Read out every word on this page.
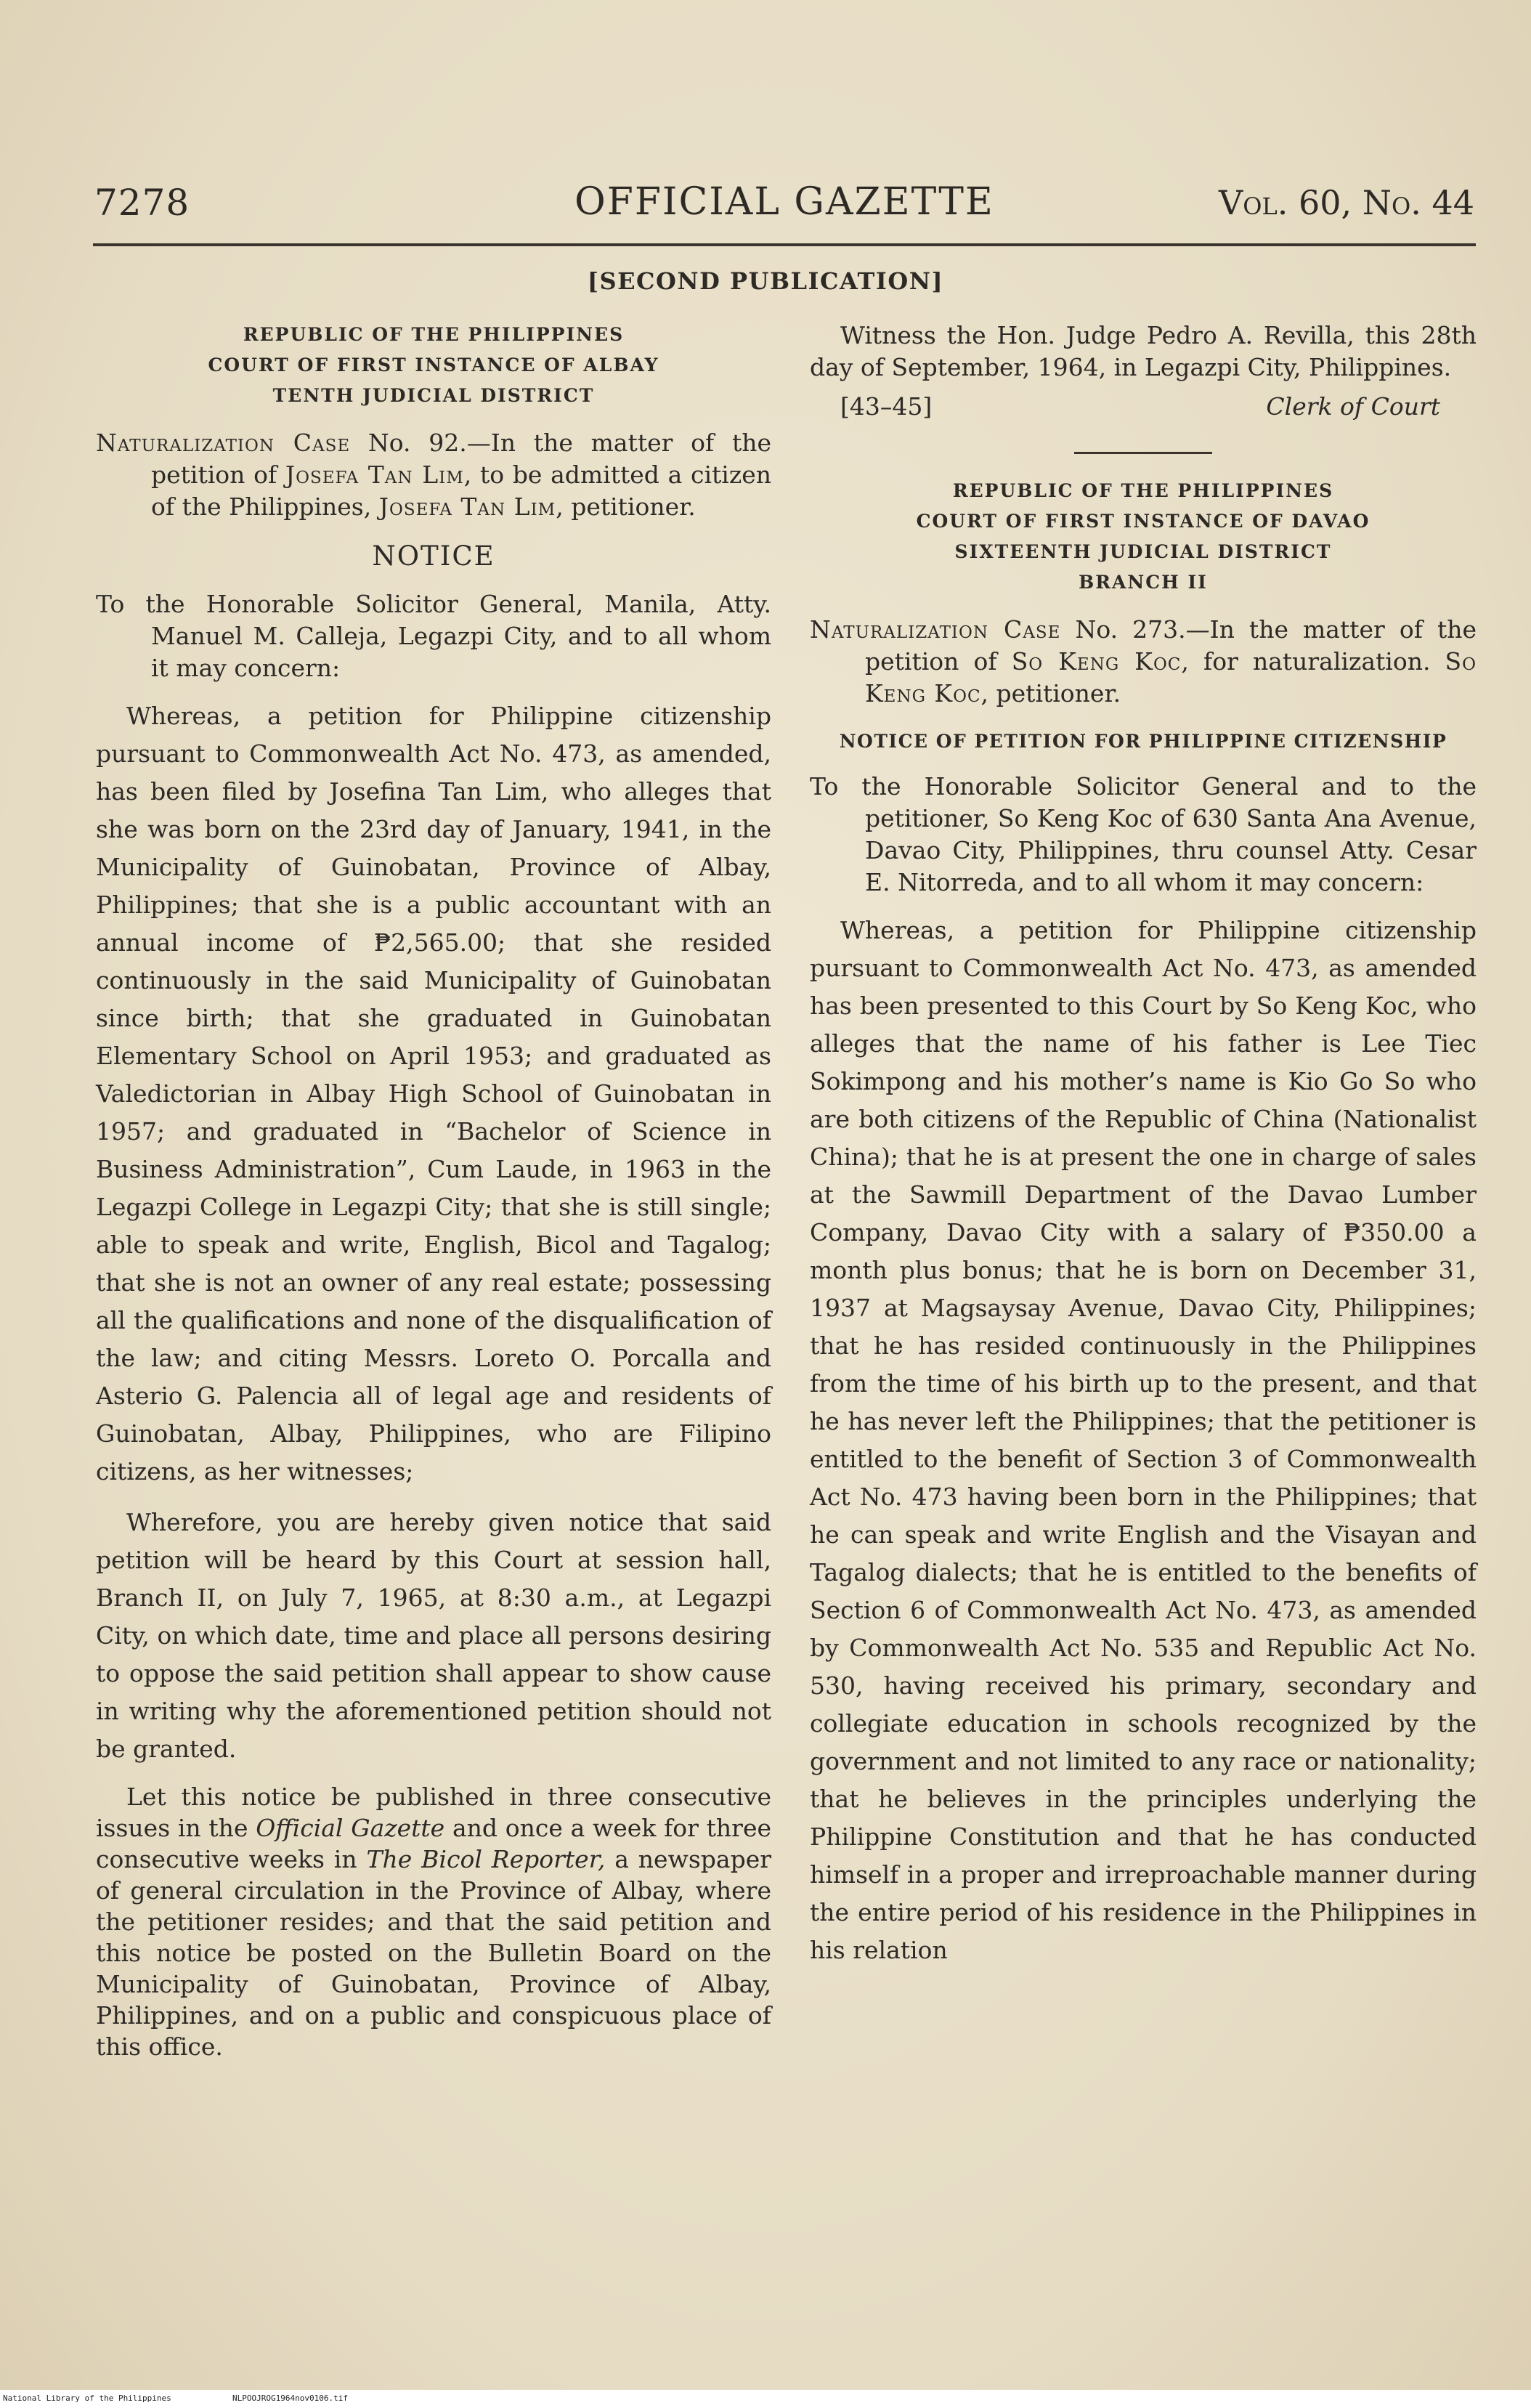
7278	OFFICIAL GAZETTE	Vol. 60, No. 44
[SECOND PUBLICATION]

REPUBLIC OF THE PHILIPPINES

COURT OF FIRST INSTANCE OF ALBAY

TENTH JUDICIAL DISTRICT

Naturalization Case No. 92.—In the matter of the petition of Josefa Tan Lim, to be admitted a citizen of the Philippines, Josefa Tan Lim, petitioner.

NOTICE

To the Honorable Solicitor General, Manila, Atty. Manuel M. Calleja, Legazpi City, and to all whom it may concern:

Whereas, a petition for Philippine citizenship pursuant to Commonwealth Act No. 473, as amended, has been filed by Josefina Tan Lim, who alleges that she was born on the 23rd day of January, 1941, in the Municipality of Guinobatan, Province of Albay, Philippines; that she is a public accountant with an annual income of ₱2,565.00; that she resided continuously in the said Municipality of Guinobatan since birth; that she graduated in Guinobatan Elementary School on April 1953; and graduated as Valedictorian in Albay High School of Guinobatan in 1957; and graduated in “Bachelor of Science in Business Administration”, Cum Laude, in 1963 in the Legazpi College in Legazpi City; that she is still single; able to speak and write, English, Bicol and Tagalog; that she is not an owner of any real estate; possessing all the qualifications and none of the disqualification of the law; and citing Messrs. Loreto O. Porcalla and Asterio G. Palencia all of legal age and residents of Guinobatan, Albay, Philippines, who are Filipino citizens, as her witnesses;

Wherefore, you are hereby given notice that said petition will be heard by this Court at session hall, Branch II, on July 7, 1965, at 8:30 a.m., at Legazpi City, on which date, time and place all persons desiring to oppose the said petition shall appear to show cause in writing why the aforementioned petition should not be granted.

Let this notice be published in three consecutive issues in the Official Gazette and once a week for three consecutive weeks in The Bicol Reporter, a newspaper of general circulation in the Province of Albay, where the petitioner resides; and that the said petition and this notice be posted on the Bulletin Board on the Municipality of Guinobatan, Province of Albay, Philippines, and on a public and conspicuous place of this office.

Witness the Hon. Judge Pedro A. Revilla, this 28th day of September, 1964, in Legazpi City, Philippines.

[43–45]	Clerk of Court

REPUBLIC OF THE PHILIPPINES

COURT OF FIRST INSTANCE OF DAVAO

SIXTEENTH JUDICIAL DISTRICT

BRANCH II

Naturalization Case No. 273.—In the matter of the petition of So Keng Koc, for naturalization. So Keng Koc, petitioner.

NOTICE OF PETITION FOR PHILIPPINE CITIZENSHIP

To the Honorable Solicitor General and to the petitioner, So Keng Koc of 630 Santa Ana Avenue, Davao City, Philippines, thru counsel Atty. Cesar E. Nitorreda, and to all whom it may concern:

Whereas, a petition for Philippine citizenship pursuant to Commonwealth Act No. 473, as amended has been presented to this Court by So Keng Koc, who alleges that the name of his father is Lee Tiec Sokimpong and his mother’s name is Kio Go So who are both citizens of the Republic of China (Nationalist China); that he is at present the one in charge of sales at the Sawmill Department of the Davao Lumber Company, Davao City with a salary of ₱350.00 a month plus bonus; that he is born on December 31, 1937 at Magsaysay Avenue, Davao City, Philippines; that he has resided continuously in the Philippines from the time of his birth up to the present, and that he has never left the Philippines; that the petitioner is entitled to the benefit of Section 3 of Commonwealth Act No. 473 having been born in the Philippines; that he can speak and write English and the Visayan and Tagalog dialects; that he is entitled to the benefits of Section 6 of Commonwealth Act No. 473, as amended by Commonwealth Act No. 535 and Republic Act No. 530, having received his primary, secondary and collegiate education in schools recognized by the government and not limited to any race or nationality; that he believes in the principles underlying the Philippine Constitution and that he has conducted himself in a proper and irreproachable manner during the entire period of his residence in the Philippines in his relation

National Library of the Philippines	NLPOOJROG1964nov0106.tif
